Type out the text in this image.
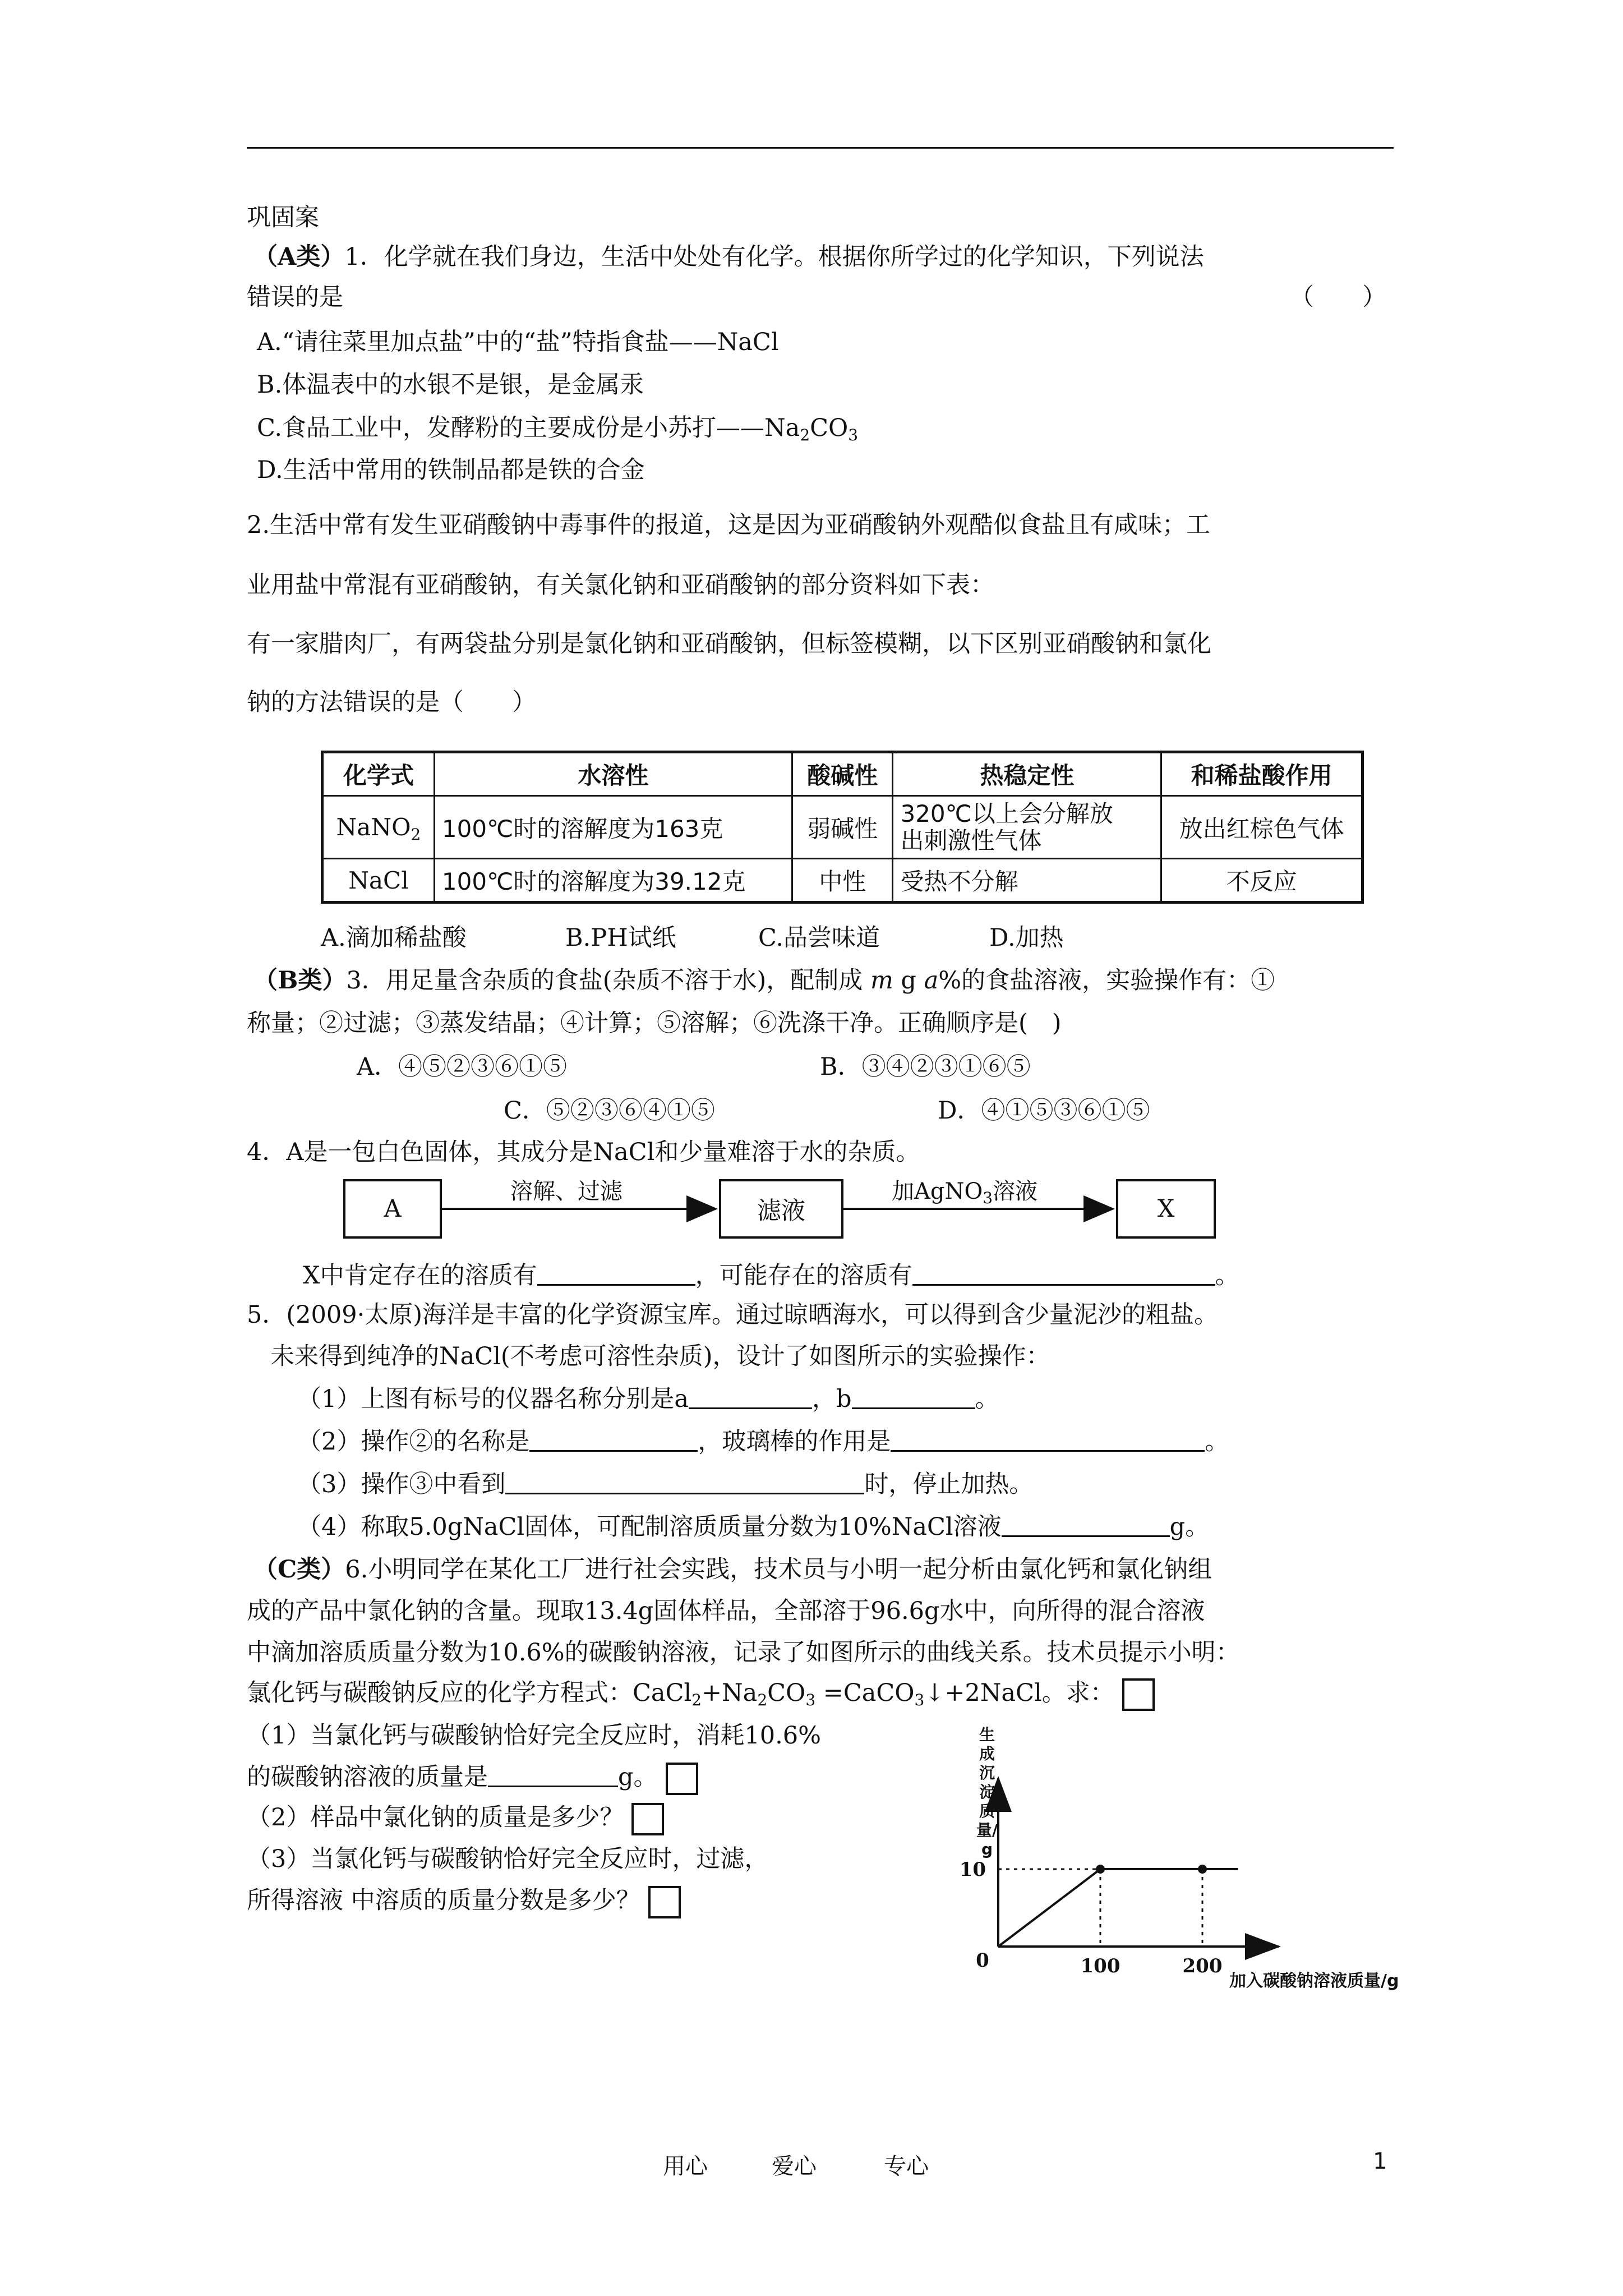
巩固案
（A类）1．化学就在我们身边，生活中处处有化学。根据你所学过的化学知识，下列说法
错误的是	（　　）
A.“请往菜里加点盐”中的“盐”特指食盐——NaCl
B.体温表中的水银不是银，是金属汞
C.食品工业中，发酵粉的主要成份是小苏打$——Na_2CO_3$
D.生活中常用的铁制品都是铁的合金
2.生活中常有发生亚硝酸钠中毒事件的报道，这是因为亚硝酸钠外观酷似食盐且有咸味；工
业用盐中常混有亚硝酸钠，有关氯化钠和亚硝酸钠的部分资料如下表：
有一家腊肉厂，有两袋盐分别是氯化钠和亚硝酸钠，但标签模糊，以下区别亚硝酸钠和氯化
钠的方法错误的是（　　）
化学式	水溶性	酸碱性	热稳定性	和稀盐酸作用
NaNO$_2$	100℃时的溶解度为163克	弱碱性	320℃以上会分解放
出刺激性气体	放出红棕色气体
NaCl	100℃时的溶解度为39.12克	中性	受热不分解	不反应
A.滴加稀盐酸	B.PH试纸	C.品尝味道	D.加热
（B类）3．用足量含杂质的食盐(杂质不溶于水)，配制成 m g a%的食盐溶液，实验操作有：①
称量；②过滤；③蒸发结晶；④计算；⑤溶解；⑥洗涤干净。正确顺序是(　)
A．④⑤②③⑥①⑤	B．③④②③①⑥⑤
C．⑤②③⑥④①⑤	D．④①⑤③⑥①⑤
4．A是一包白色固体，其成分是NaCl和少量难溶于水的杂质。
A
溶解、过滤
滤液
加AgNO$_3$溶液
X
X中肯定存在的溶质有	，可能存在的溶质有	。
5．(2009·太原)海洋是丰富的化学资源宝库。通过晾晒海水，可以得到含少量泥沙的粗盐。
未来得到纯净的NaCl(不考虑可溶性杂质)，设计了如图所示的实验操作：
（1）上图有标号的仪器名称分别是a	，b	。
（2）操作②的名称是	，玻璃棒的作用是	。
（3）操作③中看到	时，停止加热。
（4）称取5.0gNaCl固体，可配制溶质质量分数为10%NaCl溶液	g。
（C类）6.小明同学在某化工厂进行社会实践，技术员与小明一起分析由氯化钙和氯化钠组
成的产品中氯化钠的含量。现取13.4g固体样品，全部溶于96.6g水中，向所得的混合溶液
中滴加溶质质量分数为10.6%的碳酸钠溶液，记录了如图所示的曲线关系。技术员提示小明：
氯化钙与碳酸钠反应的化学方程式：$CaCl_2+Na_2CO_3$ =CaCO$_3$↓+2NaCl。求：
（1）当氯化钙与碳酸钠恰好完全反应时，消耗10.6%
的碳酸钠溶液的质量是	g。
（2）样品中氯化钠的质量是多少？
（3）当氯化钙与碳酸钠恰好完全反应时，过滤，
所得溶液 中溶质的质量分数是多少？
生成沉淀质量/g
0	100	200
10
加入碳酸钠溶液质量/g
用心	爱心	专心	1
